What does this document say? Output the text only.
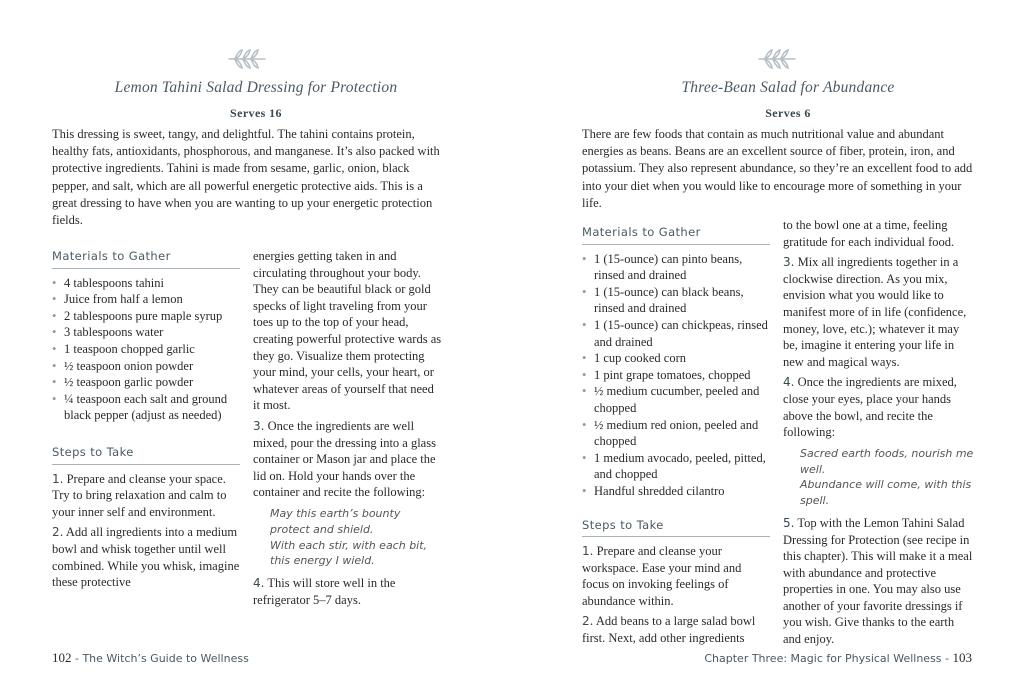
Lemon Tahini Salad Dressing for Protection
Serves 16

This dressing is sweet, tangy, and delightful. The tahini contains protein, healthy fats, antioxidants, phosphorous, and manganese. It’s also packed with protective ingredients. Tahini is made from sesame, garlic, onion, black pepper, and salt, which are all powerful energetic protective aids. This is a great dressing to have when you are wanting to up your energetic protection fields.

Materials to Gather
• 4 tablespoons tahini
• Juice from half a lemon
• 2 tablespoons pure maple syrup
• 3 tablespoons water
• 1 teaspoon chopped garlic
• ½ teaspoon onion powder
• ½ teaspoon garlic powder
• ¼ teaspoon each salt and ground black pepper (adjust as needed)
Steps to Take

1. Prepare and cleanse your space. Try to bring relaxation and calm to your inner self and environment.

2. Add all ingredients into a medium bowl and whisk together until well combined. While you whisk, imagine these protective

energies getting taken in and circulating throughout your body. They can be beautiful black or gold specks of light traveling from your toes up to the top of your head, creating powerful protective wards as they go. Visualize them protecting your mind, your cells, your heart, or whatever areas of yourself that need it most.

3. Once the ingredients are well mixed, pour the dressing into a glass container or Mason jar and place the lid on. Hold your hands over the container and recite the following:

May this earth’s bounty protect and shield.
With each stir, with each bit, this energy I wield.

4. This will store well in the refrigerator 5–7 days.

102 - The Witch’s Guide to Wellness
Three-Bean Salad for Abundance
Serves 6

There are few foods that contain as much nutritional value and abundant energies as beans. Beans are an excellent source of fiber, protein, iron, and potassium. They also represent abundance, so they’re an excellent food to add into your diet when you would like to encourage more of something in your life.

Materials to Gather
• 1 (15-ounce) can pinto beans, rinsed and drained
• 1 (15-ounce) can black beans, rinsed and drained
• 1 (15-ounce) can chickpeas, rinsed and drained
• 1 cup cooked corn
• 1 pint grape tomatoes, chopped
• ½ medium cucumber, peeled and chopped
• ½ medium red onion, peeled and chopped
• 1 medium avocado, peeled, pitted, and chopped
• Handful shredded cilantro
Steps to Take

1. Prepare and cleanse your workspace. Ease your mind and focus on invoking feelings of abundance within.

2. Add beans to a large salad bowl first. Next, add other ingredients

to the bowl one at a time, feeling gratitude for each individual food.

3. Mix all ingredients together in a clockwise direction. As you mix, envision what you would like to manifest more of in life (confidence, money, love, etc.); whatever it may be, imagine it entering your life in new and magical ways.

4. Once the ingredients are mixed, close your eyes, place your hands above the bowl, and recite the following:

Sacred earth foods, nourish me well.
Abundance will come, with this spell.

5. Top with the Lemon Tahini Salad Dressing for Protection (see recipe in this chapter). This will make it a meal with abundance and protective properties in one. You may also use another of your favorite dressings if you wish. Give thanks to the earth and enjoy.

Chapter Three: Magic for Physical Wellness - 103
